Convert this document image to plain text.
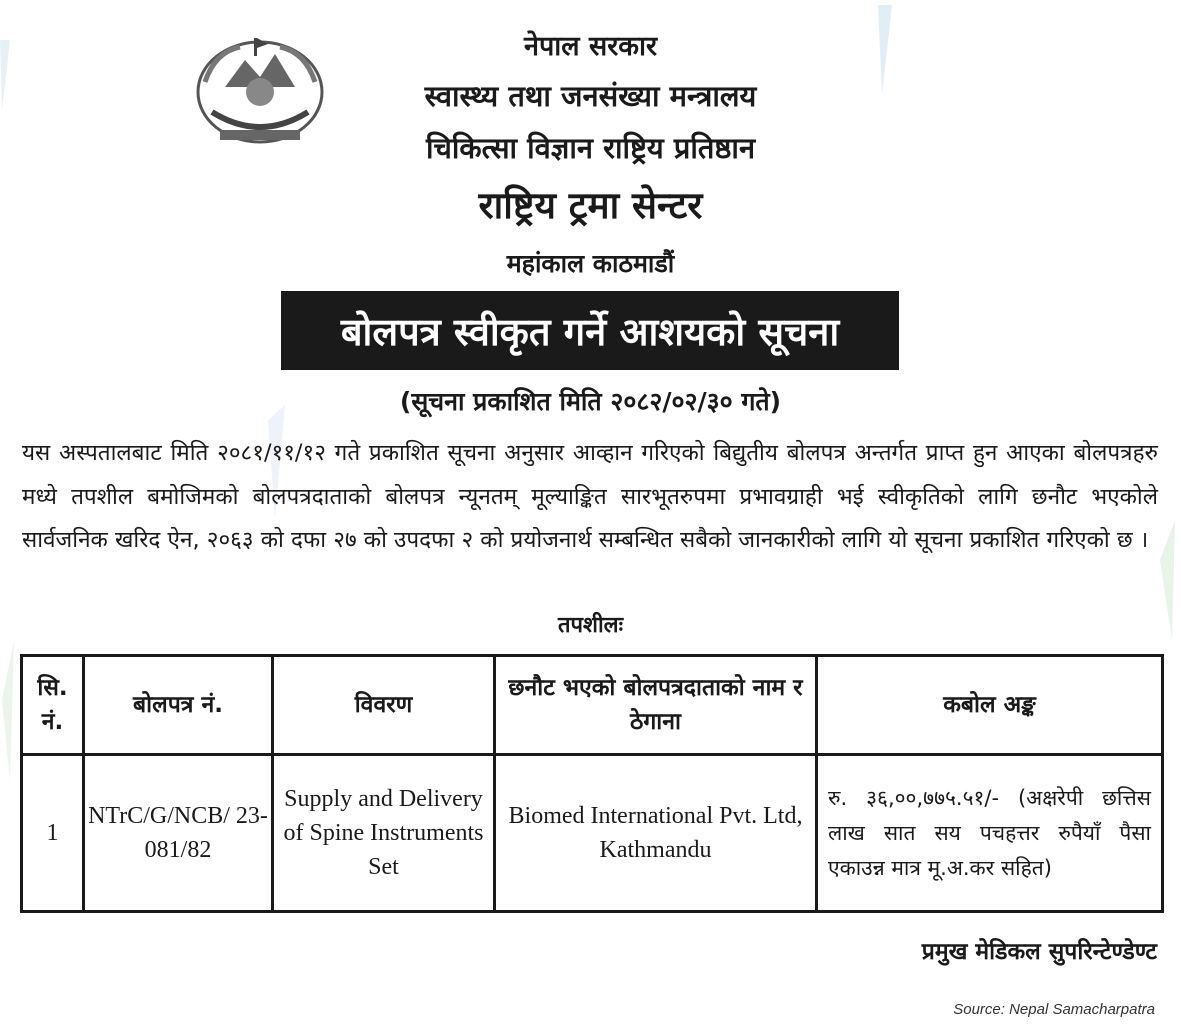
नेपाल सरकार
स्वास्थ्य तथा जनसंख्या मन्त्रालय
चिकित्सा विज्ञान राष्ट्रिय प्रतिष्ठान
राष्ट्रिय ट्रमा सेन्टर
महांकाल काठमाडौं
बोलपत्र स्वीकृत गर्ने आशयको सूचना
(सूचना प्रकाशित मिति २०८२/०२/३० गते)
यस अस्पतालबाट मिति २०८१/११/१२ गते प्रकाशित सूचना अनुसार आव्हान गरिएको बिद्युतीय बोलपत्र अन्तर्गत प्राप्त हुन आएका बोलपत्रहरु मध्ये तपशील बमोजिमको बोलपत्रदाताको बोलपत्र न्यूनतम् मूल्याङ्कित सारभूतरुपमा प्रभावग्राही भई स्वीकृतिको लागि छनौट भएकोले सार्वजनिक खरिद ऐन, २०६३ को दफा २७ को उपदफा २ को प्रयोजनार्थ सम्बन्धित सबैको जानकारीको लागि यो सूचना प्रकाशित गरिएको छ ।
तपशीलः
सि. नं.	बोलपत्र नं.	विवरण	छनौट भएको बोलपत्रदाताको नाम र ठेगाना	कबोल अङ्क
1	NTrC/G/NCB/ 23-081/82	Supply and Delivery of Spine Instruments Set	Biomed International Pvt. Ltd, Kathmandu	रु. ३६,००,७७५.५१/- (अक्षरेपी छत्तिस लाख सात सय पचहत्तर रुपैयाँ पैसा एकाउन्न मात्र मू.अ.कर सहित)
प्रमुख मेडिकल सुपरिन्टेण्डेण्ट
Source: Nepal Samacharpatra
